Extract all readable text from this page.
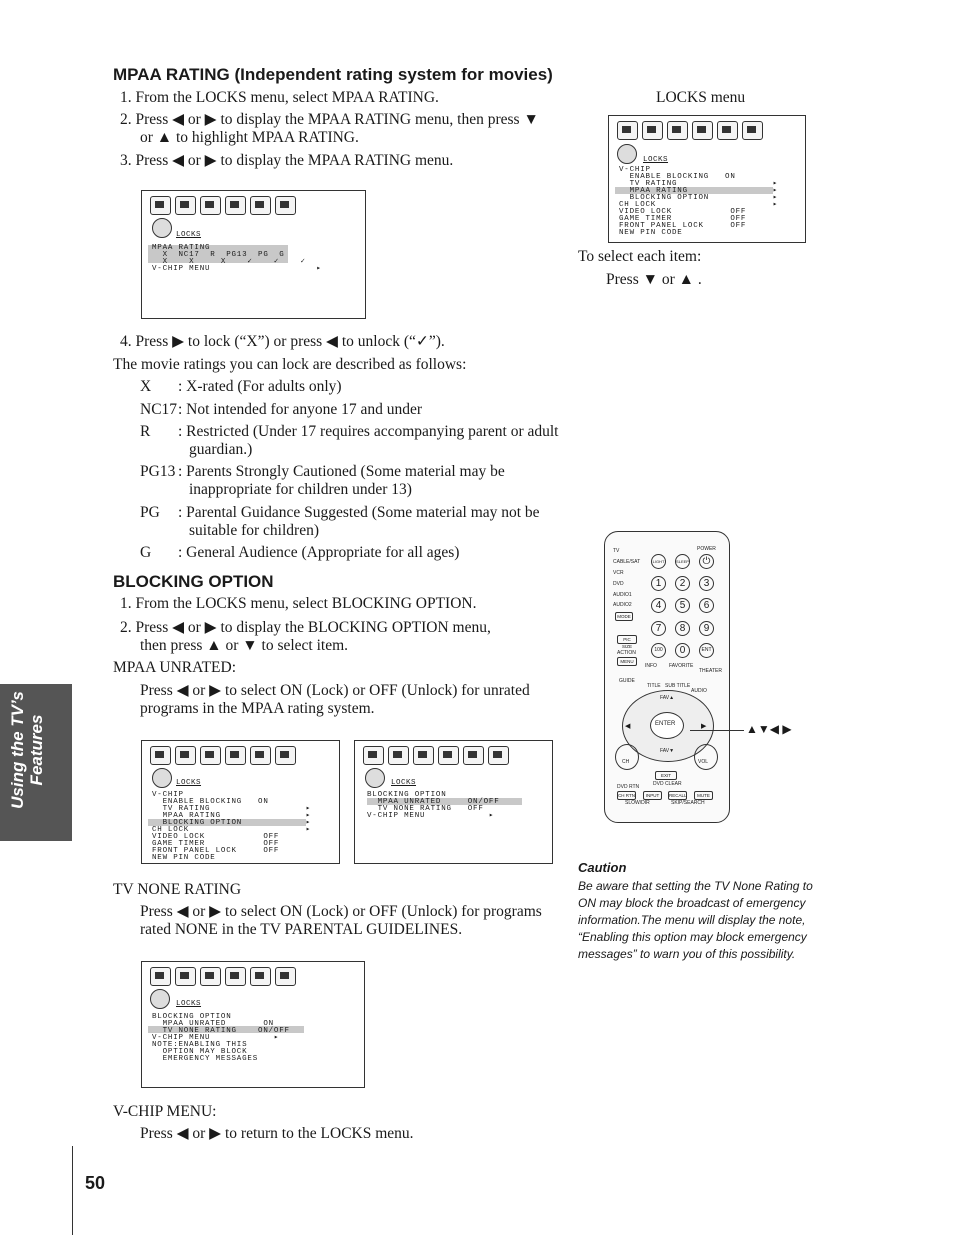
Using the TV’s Features
50
MPAA RATING (Independent rating system for movies)
1. From the LOCKS menu, select MPAA RATING.
2. Press ◀ or ▶ to display the MPAA RATING menu, then press ▼
or ▲ to highlight MPAA RATING.
3. Press ◀ or ▶ to display the MPAA RATING menu.
LOCKS
MPAA RATING
X  NC17  R  PG13  PG  G
X    X     X    ✓    ✓    ✓
V-CHIP MENU                    ▸
4. Press ▶ to lock (“X”) or press ◀ to unlock (“✓”).
The movie ratings you can lock are described as follows:
X : X-rated (For adults only)
NC17 : Not intended for anyone 17 and under
R : Restricted (Under 17 requires accompanying parent or adult
guardian.)
PG13 : Parents Strongly Cautioned (Some material may be
inappropriate for children under 13)
PG : Parental Guidance Suggested (Some material may not be
suitable for children)
G : General Audience (Appropriate for all ages)
BLOCKING OPTION
1. From the LOCKS menu, select BLOCKING OPTION.
2. Press ◀ or ▶ to display the BLOCKING OPTION menu,
then press ▲ or ▼ to select item.
MPAA UNRATED:
Press ◀ or ▶ to select ON (Lock) or OFF (Unlock) for unrated
programs in the MPAA rating system.
LOCKS
V-CHIP
ENABLE BLOCKING   ON
TV RATING                  ▸
MPAA RATING                ▸
BLOCKING OPTION            ▸
CH LOCK                      ▸
VIDEO LOCK           OFF
GAME TIMER           OFF
FRONT PANEL LOCK     OFF
NEW PIN CODE
LOCKS
BLOCKING OPTION
MPAA UNRATED     ON/OFF
TV NONE RATING   OFF
V-CHIP MENU            ▸
TV NONE RATING
Press ◀ or ▶ to select ON (Lock) or OFF (Unlock) for programs
rated NONE in the TV PARENTAL GUIDELINES.
LOCKS
BLOCKING OPTION
MPAA UNRATED       ON
TV NONE RATING    ON/OFF
V-CHIP MENU            ▸
NOTE:ENABLING THIS
OPTION MAY BLOCK
EMERGENCY MESSAGES
V-CHIP MENU:
Press ◀ or ▶ to return to the LOCKS menu.
LOCKS menu
LOCKS
V-CHIP
ENABLE BLOCKING   ON
TV RATING                  ▸
MPAA RATING                ▸
BLOCKING OPTION            ▸
CH LOCK                      ▸
VIDEO LOCK           OFF
GAME TIMER           OFF
FRONT PANEL LOCK     OFF
NEW PIN CODE
To select each item:
Press ▼ or ▲ .
TV
CABLE/SAT
VCR
DVD
AUDIO1
AUDIO2
MODE
LIGHT	SLEEP
POWER
⏻
1	2	3
4	5	6
7	8	9
100	0	ENT
PIC SIZE
ACTION
MENU
INFO FAVORITE
THEATER
GUIDE
TITLE SUB TITLE
AUDIO
FAV▲
FAV▼
ENTER
◀	▶
CH	VOL
EXIT
DVD CLEAR
DVD RTN
CH RTN	INPUT	RECALL	MUTE
SLOW/DIR	SKIP/SEARCH
▲▼◀ ▶
Caution
Be aware that setting the TV None Rating to
ON may block the broadcast of emergency
information.The menu will display the note,
“Enabling this option may block emergency
messages” to warn you of this possibility.
